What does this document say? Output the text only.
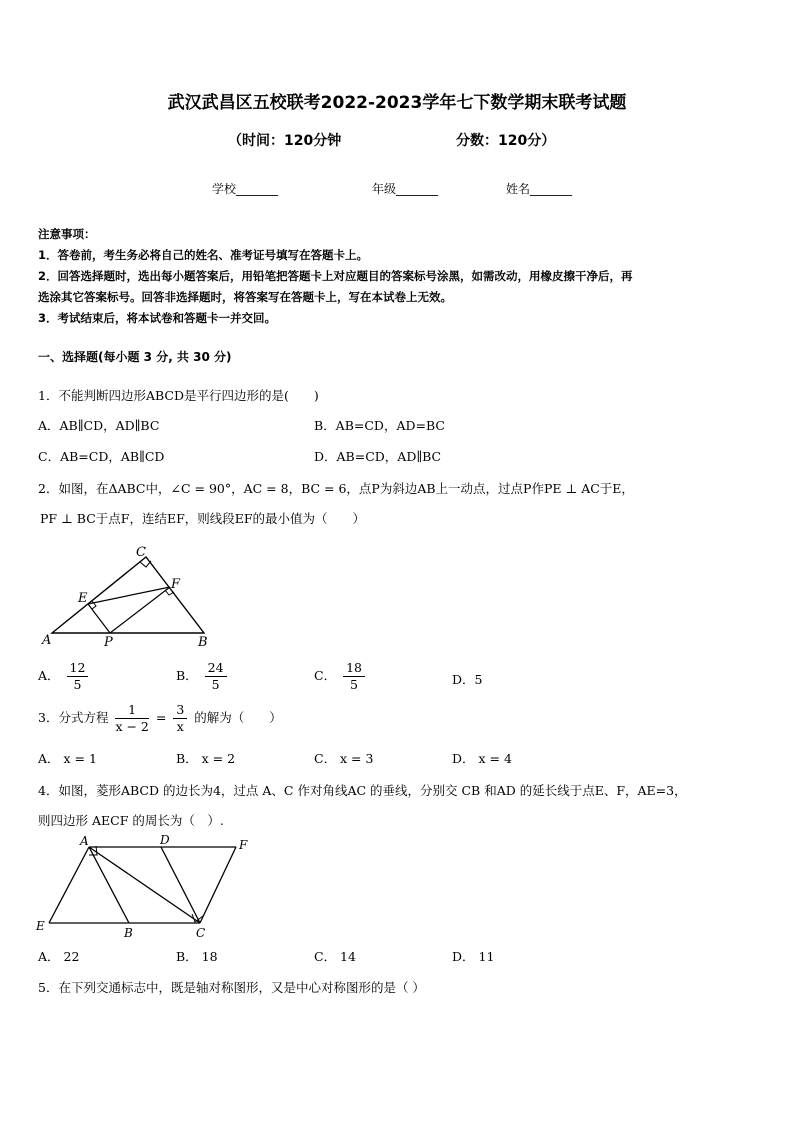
武汉武昌区五校联考2022-2023学年七下数学期末联考试题
（时间：120分钟	分数：120分）
学校_______	年级_______	姓名_______
注意事项：
1．答卷前，考生务必将自己的姓名、准考证号填写在答题卡上。
2．回答选择题时，选出每小题答案后，用铅笔把答题卡上对应题目的答案标号涂黑，如需改动，用橡皮擦干净后，再
选涂其它答案标号。回答非选择题时，将答案写在答题卡上，写在本试卷上无效。
3．考试结束后，将本试卷和答题卡一并交回。
一、选择题(每小题 3 分, 共 30 分)
1．不能判断四边形ABCD是平行四边形的是(　　)
A．AB∥CD，AD∥BC	B．AB=CD，AD=BC
C．AB=CD，AB∥CD	D．AB=CD，AD∥BC
2．如图，在ΔABC中，∠C = 90°，AC = 8，BC = 6，点P为斜边AB上一动点，过点P作PE ⊥ AC于E，
PF ⊥ BC于点F，连结EF，则线段EF的最小值为（　　）
C
E
F
A	P	B
A． $\frac{12}{5}$	B． $\frac{24}{5}$	C． $\frac{18}{5}$	D．5
3．分式方程 $\frac{1}{x - 2} = \frac{3}{x}$ 的解为（　　）
A． x = 1	B． x = 2	C． x = 3	D． x = 4
4．如图，菱形ABCD 的边长为4，过点 A、C 作对角线AC 的垂线，分别交 CB 和AD 的延长线于点E、F，AE=3，
则四边形 AECF 的周长为（　）.
A	D	F
E	B	C
A． 22	B． 18	C． 14	D． 11
5．在下列交通标志中，既是轴对称图形，又是中心对称图形的是（ ）
